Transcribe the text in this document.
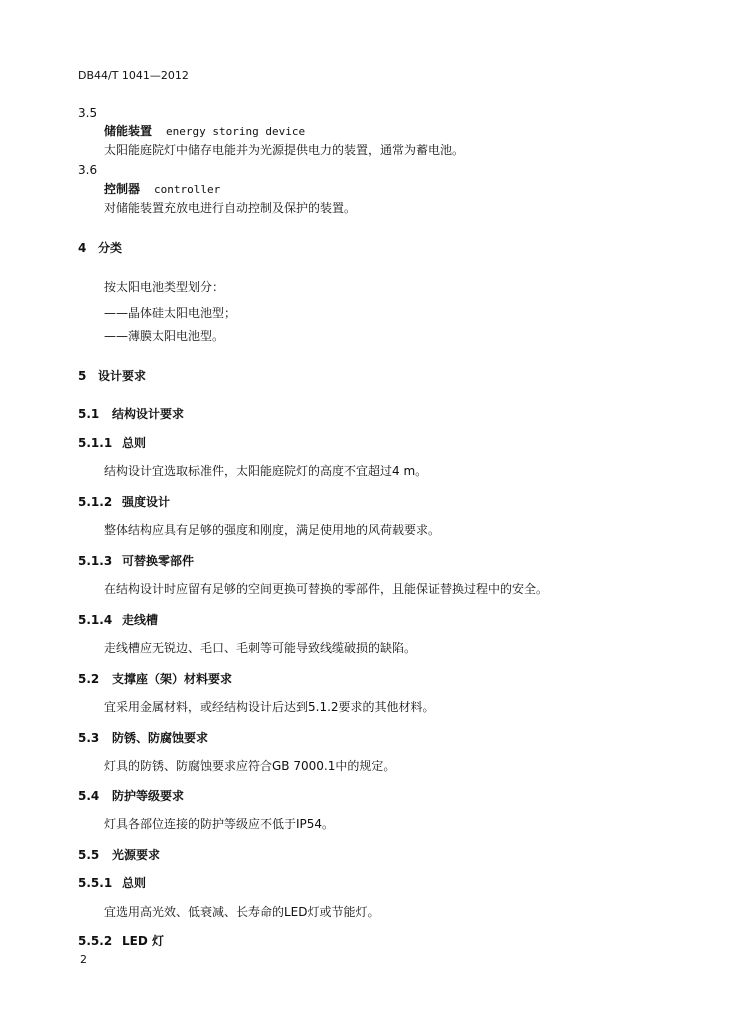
DB44/T 1041—2012
3.5
储能装置 energy storing device
太阳能庭院灯中储存电能并为光源提供电力的装置，通常为蓄电池。
3.6
控制器 controller
对储能装置充放电进行自动控制及保护的装置。
4 分类
按太阳电池类型划分：
——晶体硅太阳电池型；
——薄膜太阳电池型。
5 设计要求
5.1 结构设计要求
5.1.1 总则
结构设计宜选取标准件，太阳能庭院灯的高度不宜超过4 m。
5.1.2 强度设计
整体结构应具有足够的强度和刚度，满足使用地的风荷载要求。
5.1.3 可替换零部件
在结构设计时应留有足够的空间更换可替换的零部件，且能保证替换过程中的安全。
5.1.4 走线槽
走线槽应无锐边、毛口、毛刺等可能导致线缆破损的缺陷。
5.2 支撑座（架）材料要求
宜采用金属材料，或经结构设计后达到5.1.2要求的其他材料。
5.3 防锈、防腐蚀要求
灯具的防锈、防腐蚀要求应符合GB 7000.1中的规定。
5.4 防护等级要求
灯具各部位连接的防护等级应不低于IP54。
5.5 光源要求
5.5.1 总则
宜选用高光效、低衰减、长寿命的LED灯或节能灯。
5.5.2 LED 灯
2
